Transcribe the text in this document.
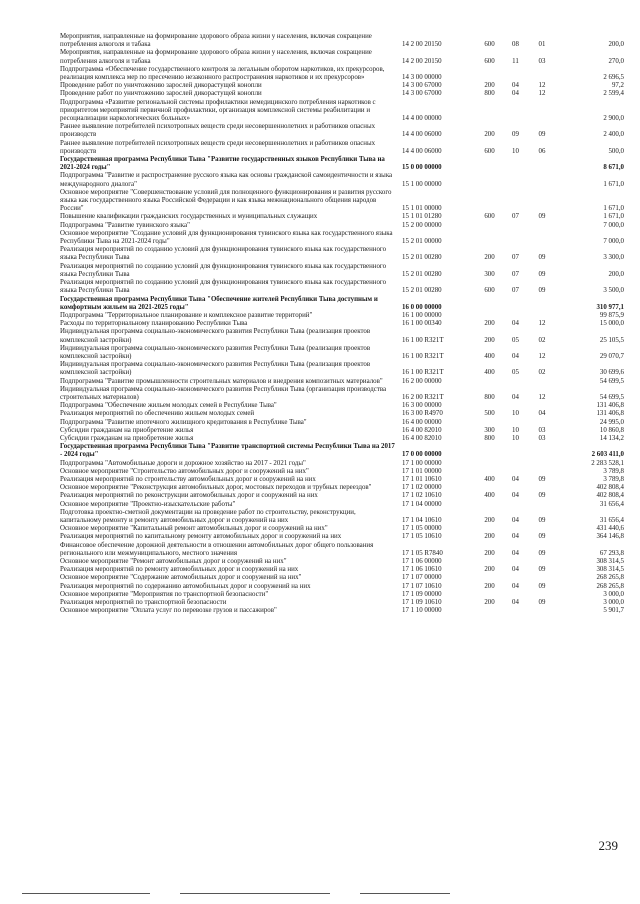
Мероприятия, направленные на формирование здорового образа жизни у населения, включая сокращение потребления алкоголя и табака	14 2 00 20150	600	08	01	200,0
Мероприятия, направленные на формирование здорового образа жизни у населения, включая сокращение потребления алкоголя и табака	14 2 00 20150	600	11	03	270,0
Подпрограмма «Обеспечение государственного контроля за легальным оборотом наркотиков, их прекурсоров, реализация комплекса мер по пресечению незаконного распространения наркотиков и их прекурсоров»	14 3 00 00000				2 696,5
Проведение работ по уничтожению зарослей дикорастущей конопли	14 3 00 67000	200	04	12	97,2
Проведение работ по уничтожению зарослей дикорастущей конопли	14 3 00 67000	800	04	12	2 599,4
Подпрограмма «Развитие региональной системы профилактики немедицинского потребления наркотиков с приоритетом мероприятий первичной профилактики, организация комплексной системы реабилитации и ресоциализации наркологических больных»	14 4 00 00000				2 900,0
Раннее выявление потребителей психотропных веществ среди несовершеннолетних и работников опасных производств	14 4 00 06000	200	09	09	2 400,0
Раннее выявление потребителей психотропных веществ среди несовершеннолетних и работников опасных производств	14 4 00 06000	600	10	06	500,0
Государственная программа Республики Тыва "Развитие государственных языков Республики Тыва на 2021-2024 годы"	15 0 00 00000				8 671,0
Подпрограмма "Развитие и распространение русского языка как основы гражданской самоидентичности и языка международного диалога"	15 1 00 00000				1 671,0
Основное мероприятие "Совершенствование условий для полноценного функционирования и развития русского языка как государственного языка Российской Федерации и как языка межнационального общения народов России"	15 1 01 00000				1 671,0
Повышение квалификации гражданских государственных и муниципальных служащих	15 1 01 01280	600	07	09	1 671,0
Подпрограмма "Развитие тувинского языка"	15 2 00 00000				7 000,0
Основное мероприятие "Создание условий для функционирования тувинского языка как государственного языка Республики Тыва на 2021-2024 годы"	15 2 01 00000				7 000,0
Реализация мероприятий по созданию условий для функционирования тувинского языка как государственного языка Республики Тыва	15 2 01 00280	200	07	09	3 300,0
Реализация мероприятий по созданию условий для функционирования тувинского языка как государственного языка Республики Тыва	15 2 01 00280	300	07	09	200,0
Реализация мероприятий по созданию условий для функционирования тувинского языка как государственного языка Республики Тыва	15 2 01 00280	600	07	09	3 500,0
Государственная программа Республики Тыва "Обеспечение жителей Республики Тыва доступным и комфортным жильем на 2021-2025 годы"	16 0 00 00000				310 977,1
Подпрограмма "Территориальное планирование и комплексное развитие территорий"	16 1 00 00000				99 875,9
Расходы по территориальному планированию Республики Тыва	16 1 00 00340	200	04	12	15 000,0
Индивидуальная программа социально-экономического развития Республики Тыва (реализация проектов комплексной застройки)	16 1 00 R321T	200	05	02	25 105,5
Индивидуальная программа социально-экономического развития Республики Тыва (реализация проектов комплексной застройки)	16 1 00 R321T	400	04	12	29 070,7
Индивидуальная программа социально-экономического развития Республики Тыва (реализация проектов комплексной застройки)	16 1 00 R321T	400	05	02	30 699,6
Подпрограмма "Развитие промышленности строительных материалов и внедрения композитных материалов"	16 2 00 00000				54 699,5
Индивидуальная программа социально-экономического развития Республики Тыва (организация производства строительных материалов)	16 2 00 R321T	800	04	12	54 699,5
Подпрограмма "Обеспечение жильем молодых семей в Республике Тыва"	16 3 00 00000				131 406,8
Реализация мероприятий по обеспечению жильем молодых семей	16 3 00 R4970	500	10	04	131 406,8
Подпрограмма "Развитие ипотечного жилищного кредитования в Республике Тыва"	16 4 00 00000				24 995,0
Субсидии гражданам на приобретение жилья	16 4 00 82010	300	10	03	10 860,8
Субсидии гражданам на приобретение жилья	16 4 00 82010	800	10	03	14 134,2
Государственная программа Республики Тыва "Развитие транспортной системы Республики Тыва на 2017 - 2024 годы"	17 0 00 00000				2 603 411,0
Подпрограмма "Автомобильные дороги и дорожное хозяйство на 2017 - 2021 годы"	17 1 00 00000				2 283 528,1
Основное мероприятие "Строительство автомобильных дорог и сооружений на них"	17 1 01 00000				3 789,8
Реализация мероприятий по строительству автомобильных дорог и сооружений на них	17 1 01 10610	400	04	09	3 789,8
Основное мероприятие "Реконструкция автомобильных дорог, мостовых переходов и трубных переездов"	17 1 02 00000				402 808,4
Реализация мероприятий по реконструкции автомобильных дорог и сооружений на них	17 1 02 10610	400	04	09	402 808,4
Основное мероприятие "Проектно-изыскательские работы"	17 1 04 00000				31 656,4
Подготовка проектно-сметной документации на проведение работ по строительству, реконструкции, капитальному ремонту и ремонту автомобильных дорог и сооружений на них	17 1 04 10610	200	04	09	31 656,4
Основное мероприятие "Капитальный ремонт автомобильных дорог и сооружений на них"	17 1 05 00000				431 440,6
Реализация мероприятий по капитальному ремонту автомобильных дорог и сооружений на них	17 1 05 10610	200	04	09	364 146,8
Финансовое обеспечение дорожной деятельности в отношении автомобильных дорог общего пользования регионального или межмуниципального, местного значения	17 1 05 R7840	200	04	09	67 293,8
Основное мероприятие "Ремонт автомобильных дорог и сооружений на них"	17 1 06 00000				308 314,5
Реализация мероприятий по ремонту автомобильных дорог и сооружений на них	17 1 06 10610	200	04	09	308 314,5
Основное мероприятие "Содержание автомобильных дорог и сооружений на них"	17 1 07 00000				268 265,8
Реализация мероприятий по содержанию автомобильных дорог и сооружений на них	17 1 07 10610	200	04	09	268 265,8
Основное мероприятие "Мероприятия по транспортной безопасности"	17 1 09 00000				3 000,0
Реализация мероприятий по транспортной безопасности	17 1 09 10610	200	04	09	3 000,0
Основное мероприятие "Оплата услуг по перевозке грузов и пассажиров"	17 1 10 00000				5 901,7
239
